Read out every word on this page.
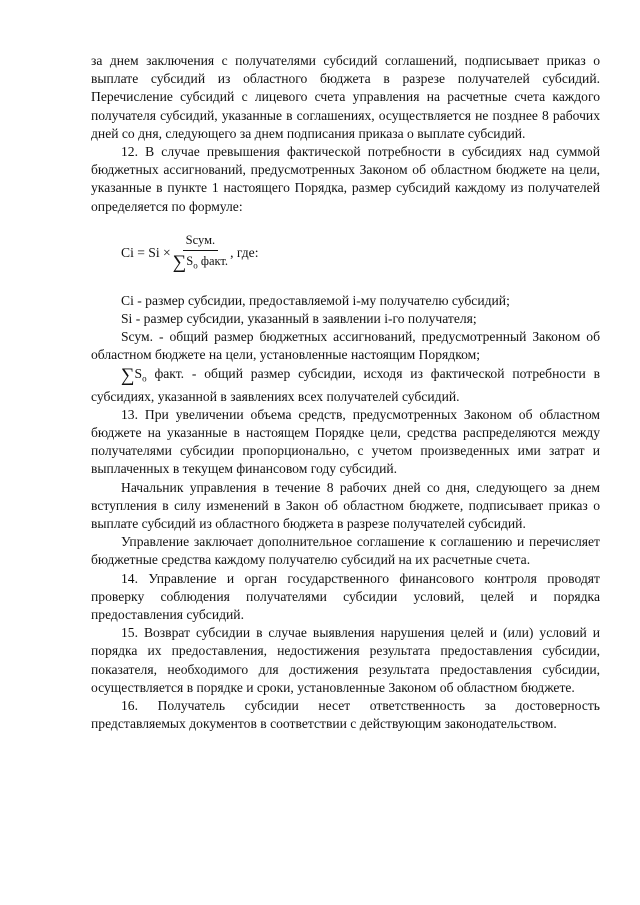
за днем заключения с получателями субсидий соглашений, подписывает приказ о выплате субсидий из областного бюджета в разрезе получателей субсидий. Перечисление субсидий с лицевого счета управления на расчетные счета каждого получателя субсидий, указанные в соглашениях, осуществляется не позднее 8 рабочих дней со дня, следующего за днем подписания приказа о выплате субсидий.

12. В случае превышения фактической потребности в субсидиях над суммой бюджетных ассигнований, предусмотренных Законом об областном бюджете на цели, указанные в пункте 1 настоящего Порядка, размер субсидий каждому из получателей определяется по формуле:

$Ci = Si \times \frac{\text{Sсум.}}{\sum S_о факт.}$ , где:

Ci - размер субсидии, предоставляемой i-му получателю субсидий;

Si - размер субсидии, указанный в заявлении i-го получателя;

Sсум. - общий размер бюджетных ассигнований, предусмотренный Законом об областном бюджете на цели, установленные настоящим Порядком;

$\sum S_о$ факт. - общий размер субсидии, исходя из фактической потребности в субсидиях, указанной в заявлениях всех получателей субсидий.

13. При увеличении объема средств, предусмотренных Законом об областном бюджете на указанные в настоящем Порядке цели, средства распределяются между получателями субсидии пропорционально, с учетом произведенных ими затрат и выплаченных в текущем финансовом году субсидий.

Начальник управления в течение 8 рабочих дней со дня, следующего за днем вступления в силу изменений в Закон об областном бюджете, подписывает приказ о выплате субсидий из областного бюджета в разрезе получателей субсидий.

Управление заключает дополнительное соглашение к соглашению и перечисляет бюджетные средства каждому получателю субсидий на их расчетные счета.

14. Управление и орган государственного финансового контроля проводят проверку соблюдения получателями субсидии условий, целей и порядка предоставления субсидий.

15. Возврат субсидии в случае выявления нарушения целей и (или) условий и порядка их предоставления, недостижения результата предоставления субсидии, показателя, необходимого для достижения результата предоставления субсидии, осуществляется в порядке и сроки, установленные Законом об областном бюджете.

16. Получатель субсидии несет ответственность за достоверность представляемых документов в соответствии с действующим законодательством.
